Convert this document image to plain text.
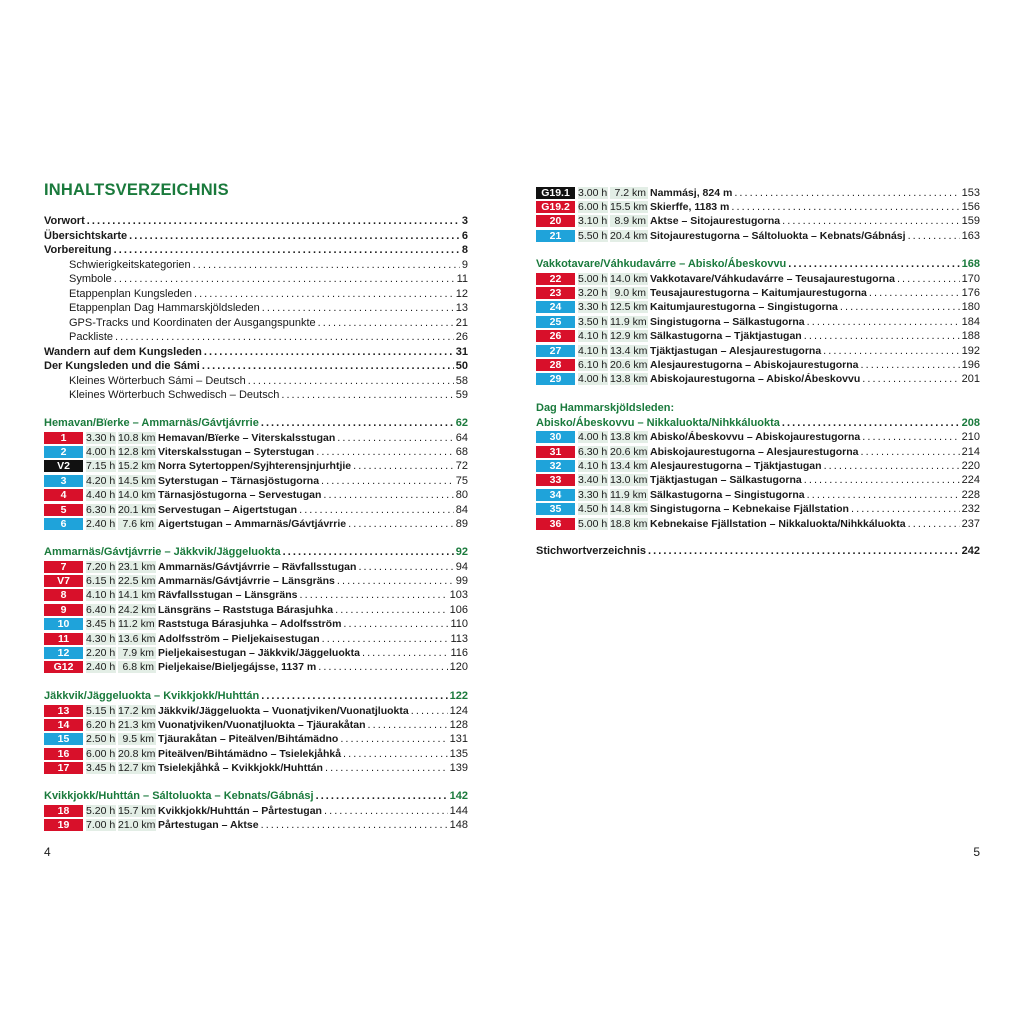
INHALTSVERZEICHNIS
Vorwort . . .	3
Übersichtskarte . . .	6
Vorbereitung . . .	8
Schwierigkeitskategorien . . .	9
Symbole . . .	11
Etappenplan Kungsleden . . .	12
Etappenplan Dag Hammarskjöldsleden . . .	13
GPS-Tracks und Koordinaten der Ausgangspunkte . . .	21
Packliste . . .	26
Wandern auf dem Kungsleden . . .	31
Der Kungsleden und die Sámi . . .	50
Kleines Wörterbuch Sámi – Deutsch . . .	58
Kleines Wörterbuch Schwedisch – Deutsch . . .	59
Hemavan/Bïerke – Ammarnäs/Gávtjávrrie . . .	62
1	3.30 h 10.8 km Hemavan/Bïerke – Viterskalsstugan . . .	64
2	4.00 h 12.8 km Viterskalsstugan – Syterstugan . . .	68
V2	7.15 h 15.2 km Norra Sytertoppen/Syjhterensjnjurhtjie . . .	72
3	4.20 h 14.5 km Syterstugan – Tärnasjöstugorna . . .	75
4	4.40 h 14.0 km Tärnasjöstugorna – Servestugan . . .	80
5	6.30 h 20.1 km Servestugan – Aigertstugan . . .	84
6	2.40 h 7.6 km Aigertstugan – Ammarnäs/Gávtjávrrie . . .	89
Ammarnäs/Gávtjávrrie – Jäkkvik/Jäggeluokta . . .	92
7	7.20 h 23.1 km Ammarnäs/Gávtjávrrie – Rävfallsstugan . . .	94
V7	6.15 h 22.5 km Ammarnäs/Gávtjávrrie – Länsgräns . . .	99
8	4.10 h 14.1 km Rävfallsstugan – Länsgräns . . .	103
9	6.40 h 24.2 km Länsgräns – Raststuga Bárasjuhka . . .	106
10	3.45 h 11.2 km Raststuga Bárasjuhka – Adolfsström . . .	110
11	4.30 h 13.6 km Adolfsström – Pieljekaisestugan . . .	113
12	2.20 h 7.9 km Pieljekaisestugan – Jäkkvik/Jäggeluokta . . .	116
G12	2.40 h 6.8 km Pieljekaise/Bieljegájsse, 1137 m . . .	120
Jäkkvik/Jäggeluokta – Kvikkjokk/Huhttán . . .	122
13	5.15 h 17.2 km Jäkkvik/Jäggeluokta – Vuonatjviken/Vuonatjluokta . . .	124
14	6.20 h 21.3 km Vuonatjviken/Vuonatjluokta – Tjäurakåtan . . .	128
15	2.50 h 9.5 km Tjäurakåtan – Piteälven/Bihtámädno . . .	131
16	6.00 h 20.8 km Piteälven/Bihtámädno – Tsielekjåhkå . . .	135
17	3.45 h 12.7 km Tsielekjåhkå – Kvikkjokk/Huhttán . . .	139
Kvikkjokk/Huhttán – Sáltoluokta – Kebnats/Gábnásj . . .	142
18	5.20 h 15.7 km Kvikkjokk/Huhttán – Pårtestugan . . .	144
19	7.00 h 21.0 km Pårtestugan – Aktse . . .	148
4
G19.1 3.00 h 7.2 km Nammásj, 824 m . . .	153
G19.2 6.00 h 15.5 km Skierffe, 1183 m . . .	156
20	3.10 h 8.9 km Aktse – Sitojaurestugorna . . .	159
21	5.50 h 20.4 km Sitojaurestugorna – Sáltoluokta – Kebnats/Gábnásj . . .	163
Vakkotavare/Váhkudavárre – Abisko/Ábeskovvu . . .	168
22	5.00 h 14.0 km Vakkotavare/Váhkudavárre – Teusajaurestugorna . . .	170
23	3.20 h 9.0 km Teusajaurestugorna – Kaitumjaurestugorna . . .	176
24	3.30 h 12.5 km Kaitumjaurestugorna – Singistugorna . . .	180
25	3.50 h 11.9 km Singistugorna – Sälkastugorna . . .	184
26	4.10 h 12.9 km Sälkastugorna – Tjäktjastugan . . .	188
27	4.10 h 13.4 km Tjäktjastugan – Alesjaurestugorna . . .	192
28	6.10 h 20.6 km Alesjaurestugorna – Abiskojaurestugorna . . .	196
29	4.00 h 13.8 km Abiskojaurestugorna – Abisko/Ábeskovvu . . .	201
Dag Hammarskjöldsleden:
Abisko/Ábeskovvu – Nikkaluokta/Nihkkáluokta . . .	208
30	4.00 h 13.8 km Abisko/Ábeskovvu – Abiskojaurestugorna . . .	210
31	6.30 h 20.6 km Abiskojaurestugorna – Alesjaurestugorna . . .	214
32	4.10 h 13.4 km Alesjaurestugorna – Tjäktjastugan . . .	220
33	3.40 h 13.0 km Tjäktjastugan – Sälkastugorna . . .	224
34	3.30 h 11.9 km Sälkastugorna – Singistugorna . . .	228
35	4.50 h 14.8 km Singistugorna – Kebnekaise Fjällstation . . .	232
36	5.00 h 18.8 km Kebnekaise Fjällstation – Nikkaluokta/Nihkkáluokta . . .	237
Stichwortverzeichnis . . .	242
5
